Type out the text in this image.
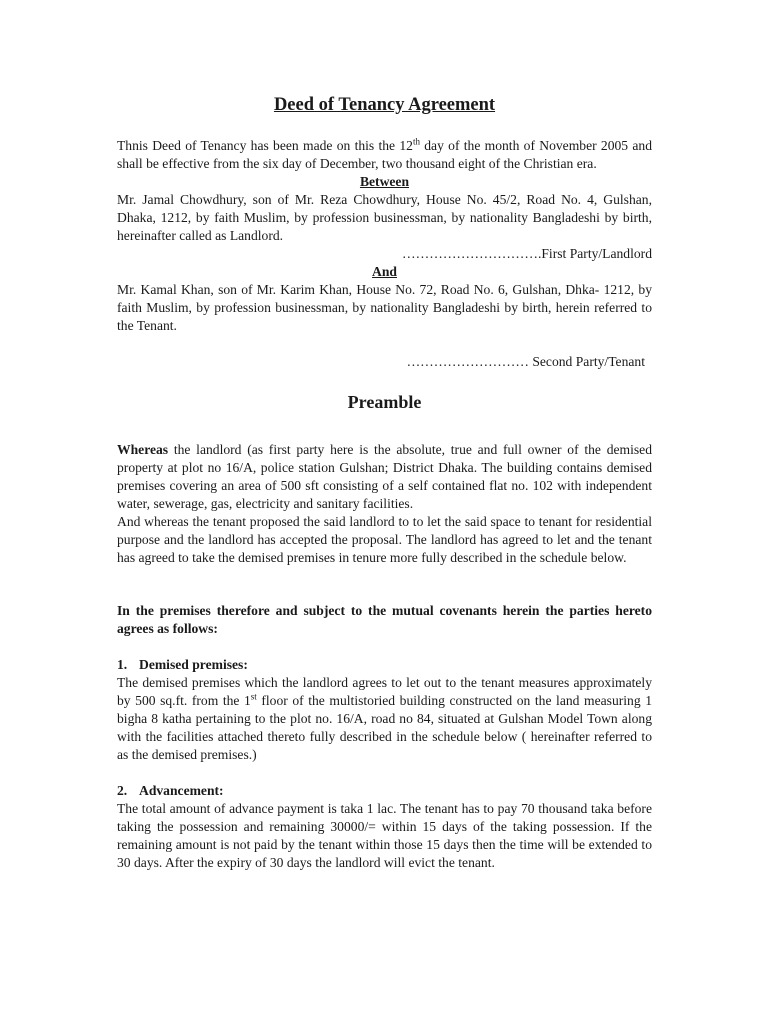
Deed of Tenancy Agreement

Thnis Deed of Tenancy has been made on this the 12th day of the month of November 2005 and shall be effective from the six day of December, two thousand eight of the Christian era.

Between

Mr. Jamal Chowdhury, son of Mr. Reza Chowdhury, House No. 45/2, Road No. 4, Gulshan, Dhaka, 1212, by faith Muslim, by profession businessman, by nationality Bangladeshi by birth, hereinafter called as Landlord.

………………………….First Party/Landlord
And

Mr. Kamal Khan, son of Mr. Karim Khan, House No. 72, Road No. 6, Gulshan, Dhka- 1212, by faith Muslim, by profession businessman, by nationality Bangladeshi by birth, herein referred to the Tenant.

……………………… Second Party/Tenant
Preamble

Whereas the landlord (as first party here is the absolute, true and full owner of the demised property at plot no 16/A, police station Gulshan; District Dhaka. The building contains demised premises covering an area of 500 sft consisting of a self contained flat no. 102 with independent water, sewerage, gas, electricity and sanitary facilities.

And whereas the tenant proposed the said landlord to to let the said space to tenant for residential purpose and the landlord has accepted the proposal. The landlord has agreed to let and the tenant has agreed to take the demised premises in tenure more fully described in the schedule below.

In the premises therefore and subject to the mutual covenants herein the parties hereto agrees as follows:

1. Demised premises:

The demised premises which the landlord agrees to let out to the tenant measures approximately by 500 sq.ft. from the 1st floor of the multistoried building constructed on the land measuring 1 bigha 8 katha pertaining to the plot no. 16/A, road no 84, situated at Gulshan Model Town along with the facilities attached thereto fully described in the schedule below ( hereinafter referred to as the demised premises.)

2. Advancement:

The total amount of advance payment is taka 1 lac. The tenant has to pay 70 thousand taka before taking the possession and remaining 30000/= within 15 days of the taking possession. If the remaining amount is not paid by the tenant within those 15 days then the time will be extended to 30 days. After the expiry of 30 days the landlord will evict the tenant.
